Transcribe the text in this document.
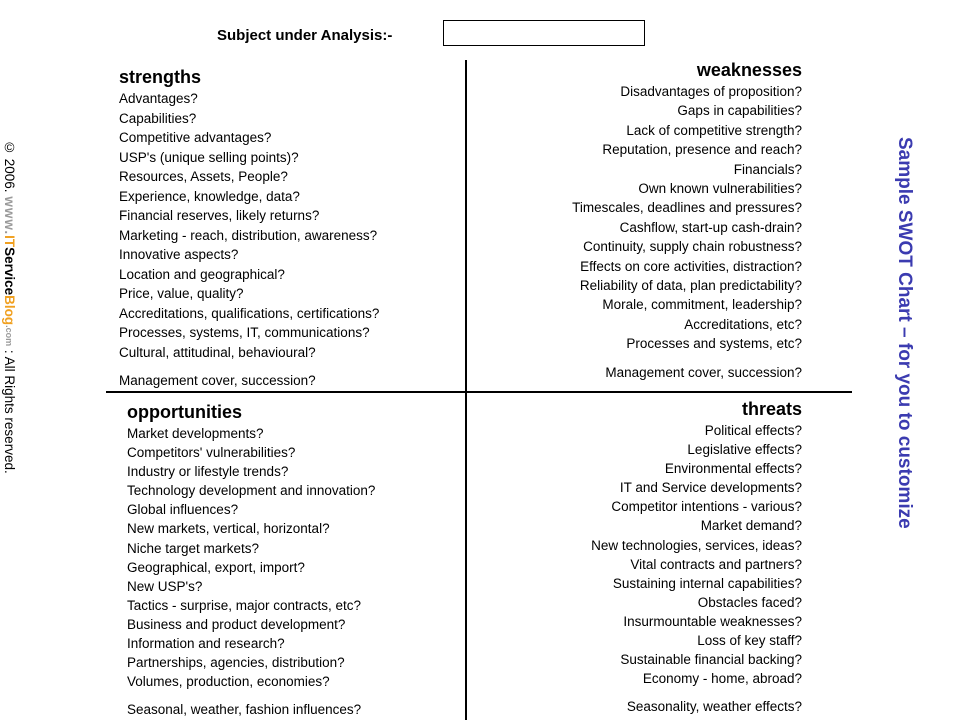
Subject under Analysis:-
strengths
Advantages?
Capabilities?
Competitive advantages?
USP's (unique selling points)?
Resources, Assets, People?
Experience, knowledge, data?
Financial reserves, likely returns?
Marketing - reach, distribution, awareness?
Innovative aspects?
Location and geographical?
Price, value, quality?
Accreditations, qualifications, certifications?
Processes, systems, IT, communications?
Cultural, attitudinal, behavioural?
Management cover, succession?
weaknesses
Disadvantages of proposition?
Gaps in capabilities?
Lack of competitive strength?
Reputation, presence and reach?
Financials?
Own known vulnerabilities?
Timescales, deadlines and pressures?
Cashflow, start-up cash-drain?
Continuity, supply chain robustness?
Effects on core activities, distraction?
Reliability of data, plan predictability?
Morale, commitment, leadership?
Accreditations, etc?
Processes and systems, etc?
Management cover, succession?
opportunities
Market developments?
Competitors' vulnerabilities?
Industry or lifestyle trends?
Technology development and innovation?
Global influences?
New markets, vertical, horizontal?
Niche target markets?
Geographical, export, import?
New USP's?
Tactics - surprise, major contracts, etc?
Business and product development?
Information and research?
Partnerships, agencies, distribution?
Volumes, production, economies?
Seasonal, weather, fashion influences?
threats
Political effects?
Legislative effects?
Environmental effects?
IT and Service developments?
Competitor intentions - various?
Market demand?
New technologies, services, ideas?
Vital contracts and partners?
Sustaining internal capabilities?
Obstacles faced?
Insurmountable weaknesses?
Loss of key staff?
Sustainable financial backing?
Economy - home, abroad?
Seasonality, weather effects?
© 2006. www.ITServiceBlog.com : All Rights reserved.	Sample SWOT Chart – for you to customize
